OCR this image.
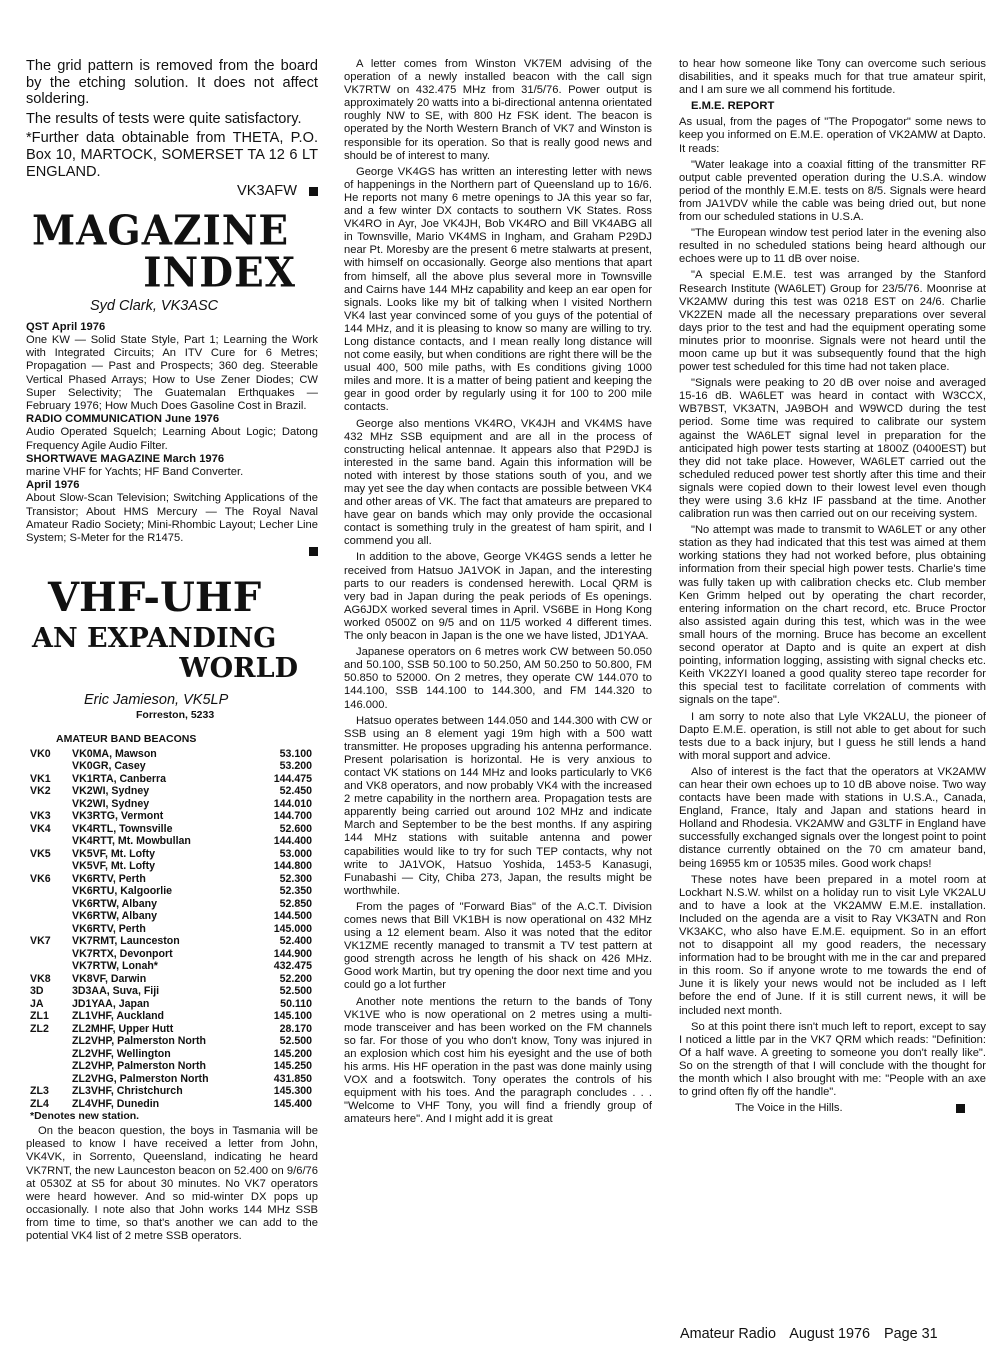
The grid pattern is removed from the board by the etching solution. It does not affect soldering.

The results of tests were quite satisfactory.

*Further data obtainable from THETA, P.O. Box 10, MARTOCK, SOMERSET TA 12 6 LT ENGLAND.

VK3AFW
MAGAZINE
INDEX
Syd Clark, VK3ASC

QST April 1976

One KW — Solid State Style, Part 1; Learning the Work with Integrated Circuits; An ITV Cure for 6 Metres; Propagation — Past and Prospects; 360 deg. Steerable Vertical Phased Arrays; How to Use Zener Diodes; CW Super Selectivity; The Guatemalan Erthquakes — February 1976; How Much Does Gasoline Cost in Brazil.

RADIO COMMUNICATION June 1976

Audio Operated Squelch; Learning About Logic; Datong Frequency Agile Audio Filter.

SHORTWAVE MAGAZINE March 1976

marine VHF for Yachts; HF Band Converter.

April 1976

About Slow-Scan Television; Switching Applications of the Transistor; About HMS Mercury — The Royal Naval Amateur Radio Society; Mini-Rhombic Layout; Lecher Line System; S-Meter for the R1475.

VHF-UHF
AN EXPANDING
WORLD
Eric Jamieson, VK5LP
Forreston, 5233
AMATEUR BAND BEACONS
VK0	VK0MA, Mawson	53.100
	VK0GR, Casey	53.200
VK1	VK1RTA, Canberra	144.475
VK2	VK2WI, Sydney	52.450
	VK2WI, Sydney	144.010
VK3	VK3RTG, Vermont	144.700
VK4	VK4RTL, Townsville	52.600
	VK4RTT, Mt. Mowbullan	144.400
VK5	VK5VF, Mt. Lofty	53.000
	VK5VF, Mt. Lofty	144.800
VK6	VK6RTV, Perth	52.300
	VK6RTU, Kalgoorlie	52.350
	VK6RTW, Albany	52.850
	VK6RTW, Albany	144.500
	VK6RTV, Perth	145.000
VK7	VK7RMT, Launceston	52.400
	VK7RTX, Devonport	144.900
	VK7RTW, Lonah*	432.475
VK8	VK8VF, Darwin	52.200
3D	3D3AA, Suva, Fiji	52.500
JA	JD1YAA, Japan	50.110
ZL1	ZL1VHF, Auckland	145.100
ZL2	ZL2MHF, Upper Hutt	28.170
	ZL2VHP, Palmerston North	52.500
	ZL2VHF, Wellington	145.200
	ZL2VHP, Palmerston North	145.250
	ZL2VHG, Palmerston North	431.850
ZL3	ZL3VHF, Christchurch	145.300
ZL4	ZL4VHF, Dunedin	145.400
*Denotes new station.

On the beacon question, the boys in Tasmania will be pleased to know I have received a letter from John, VK4VK, in Sorrento, Queensland, indicating he heard VK7RNT, the new Launceston beacon on 52.400 on 9/6/76 at 0530Z at S5 for about 30 minutes. No VK7 operators were heard however. And so mid-winter DX pops up occasionally. I note also that John works 144 MHz SSB from time to time, so that's another we can add to the potential VK4 list of 2 metre SSB operators.

A letter comes from Winston VK7EM advising of the operation of a newly installed beacon with the call sign VK7RTW on 432.475 MHz from 31/5/76. Power output is approximately 20 watts into a bi-directional antenna orientated roughly NW to SE, with 800 Hz FSK ident. The beacon is operated by the North Western Branch of VK7 and Winston is responsible for its operation. So that is really good news and should be of interest to many.

George VK4GS has written an interesting letter with news of happenings in the Northern part of Queensland up to 16/6. He reports not many 6 metre openings to JA this year so far, and a few winter DX contacts to southern VK States. Ross VK4RO in Ayr, Joe VK4JH, Bob VK4RO and Bill VK4ABG all in Townsville, Mario VK4MS in Ingham, and Graham P29DJ near Pt. Moresby are the present 6 metre stalwarts at present, with himself on occasionally. George also mentions that apart from himself, all the above plus several more in Townsville and Cairns have 144 MHz capability and keep an ear open for signals. Looks like my bit of talking when I visited Northern VK4 last year convinced some of you guys of the potential of 144 MHz, and it is pleasing to know so many are willing to try. Long distance contacts, and I mean really long distance will not come easily, but when conditions are right there will be the usual 400, 500 mile paths, with Es conditions giving 1000 miles and more. It is a matter of being patient and keeping the gear in good order by regularly using it for 100 to 200 mile contacts.

George also mentions VK4RO, VK4JH and VK4MS have 432 MHz SSB equipment and are all in the process of constructing helical antennae. It appears also that P29DJ is interested in the same band. Again this information will be noted with interest by those stations south of you, and we may yet see the day when contacts are possible between VK4 and other areas of VK. The fact that amateurs are prepared to have gear on bands which may only provide the occasional contact is something truly in the greatest of ham spirit, and I commend you all.

In addition to the above, George VK4GS sends a letter he received from Hatsuo JA1VOK in Japan, and the interesting parts to our readers is condensed herewith. Local QRM is very bad in Japan during the peak periods of Es openings. AG6JDX worked several times in April. VS6BE in Hong Kong worked 0500Z on 9/5 and on 11/5 worked 4 different times. The only beacon in Japan is the one we have listed, JD1YAA.

Japanese operators on 6 metres work CW between 50.050 and 50.100, SSB 50.100 to 50.250, AM 50.250 to 50.800, FM 50.850 to 52000. On 2 metres, they operate CW 144.070 to 144.100, SSB 144.100 to 144.300, and FM 144.320 to 146.000.

Hatsuo operates between 144.050 and 144.300 with CW or SSB using an 8 element yagi 19m high with a 500 watt transmitter. He proposes upgrading his antenna performance. Present polarisation is horizontal. He is very anxious to contact VK stations on 144 MHz and looks particularly to VK6 and VK8 operators, and now probably VK4 with the increased 2 metre capability in the northern area. Propagation tests are apparently being carried out around 102 MHz and indicate March and September to be the best months. If any aspiring 144 MHz stations with suitable antenna and power capabilities would like to try for such TEP contacts, why not write to JA1VOK, Hatsuo Yoshida, 1453-5 Kanasugi, Funabashi — City, Chiba 273, Japan, the results might be worthwhile.

From the pages of "Forward Bias" of the A.C.T. Division comes news that Bill VK1BH is now operational on 432 MHz using a 12 element beam. Also it was noted that the editor VK1ZME recently managed to transmit a TV test pattern at good strength across he length of his shack on 426 MHz. Good work Martin, but try opening the door next time and you could go a lot further

Another note mentions the return to the bands of Tony VK1VE who is now operational on 2 metres using a multi-mode transceiver and has been worked on the FM channels so far. For those of you who don't know, Tony was injured in an explosion which cost him his eyesight and the use of both his arms. His HF operation in the past was done mainly using VOX and a footswitch. Tony operates the controls of his equipment with his toes. And the paragraph concludes . . . "Welcome to VHF Tony, you will find a friendly group of amateurs here". And I might add it is great

to hear how someone like Tony can overcome such serious disabilities, and it speaks much for that true amateur spirit, and I am sure we all commend his fortitude.

E.M.E. REPORT

As usual, from the pages of "The Propogator" some news to keep you informed on E.M.E. operation of VK2AMW at Dapto. It reads:

"Water leakage into a coaxial fitting of the transmitter RF output cable prevented operation during the U.S.A. window period of the monthly E.M.E. tests on 8/5. Signals were heard from JA1VDV while the cable was being dried out, but none from our scheduled stations in U.S.A.

"The European window test period later in the evening also resulted in no scheduled stations being heard although our echoes were up to 11 dB over noise.

"A special E.M.E. test was arranged by the Stanford Research Institute (WA6LET) Group for 23/5/76. Moonrise at VK2AMW during this test was 0218 EST on 24/6. Charlie VK2ZEN made all the necessary preparations over several days prior to the test and had the equipment operating some minutes prior to moonrise. Signals were not heard until the moon came up but it was subsequently found that the high power test scheduled for this time had not taken place.

"Signals were peaking to 20 dB over noise and averaged 15-16 dB. WA6LET was heard in contact with W3CCX, WB7BST, VK3ATN, JA9BOH and W9WCD during the test period. Some time was required to calibrate our system against the WA6LET signal level in preparation for the anticipated high power tests starting at 1800Z (0400EST) but they did not take place. However, WA6LET carried out the scheduled reduced power test shortly after this time and their signals were copied down to their lowest level even though they were using 3.6 kHz IF passband at the time. Another calibration run was then carried out on our receiving system.

"No attempt was made to transmit to WA6LET or any other station as they had indicated that this test was aimed at them working stations they had not worked before, plus obtaining information from their special high power tests. Charlie's time was fully taken up with calibration checks etc. Club member Ken Grimm helped out by operating the chart recorder, entering information on the chart record, etc. Bruce Proctor also assisted again during this test, which was in the wee small hours of the morning. Bruce has become an excellent second operator at Dapto and is quite an expert at dish pointing, information logging, assisting with signal checks etc. Keith VK2ZYI loaned a good quality stereo tape recorder for this special test to facilitate correlation of comments with signals on the tape".

I am sorry to note also that Lyle VK2ALU, the pioneer of Dapto E.M.E. operation, is still not able to get about for such tests due to a back injury, but I guess he still lends a hand with moral support and advice.

Also of interest is the fact that the operators at VK2AMW can hear their own echoes up to 10 dB above noise. Two way contacts have been made with stations in U.S.A., Canada, England, France, Italy and Japan and stations heard in Holland and Rhodesia. VK2AMW and G3LTF in England have successfully exchanged signals over the longest point to point distance currently obtained on the 70 cm amateur band, being 16955 km or 10535 miles. Good work chaps!

These notes have been prepared in a motel room at Lockhart N.S.W. whilst on a holiday run to visit Lyle VK2ALU and to have a look at the VK2AMW E.M.E. installation. Included on the agenda are a visit to Ray VK3ATN and Ron VK3AKC, who also have E.M.E. equipment. So in an effort not to disappoint all my good readers, the necessary information had to be brought with me in the car and prepared in this room. So if anyone wrote to me towards the end of June it is likely your news would not be included as I left before the end of June. If it is still current news, it will be included next month.

So at this point there isn't much left to report, except to say I noticed a little par in the VK7 QRM which reads: "Definition: Of a half wave. A greeting to someone you don't really like". So on the strength of that I will conclude with the thought for the month which I also brought with me: "People with an axe to grind often fly off the handle".

The Voice in the Hills.
Amateur Radio August 1976 Page 31
